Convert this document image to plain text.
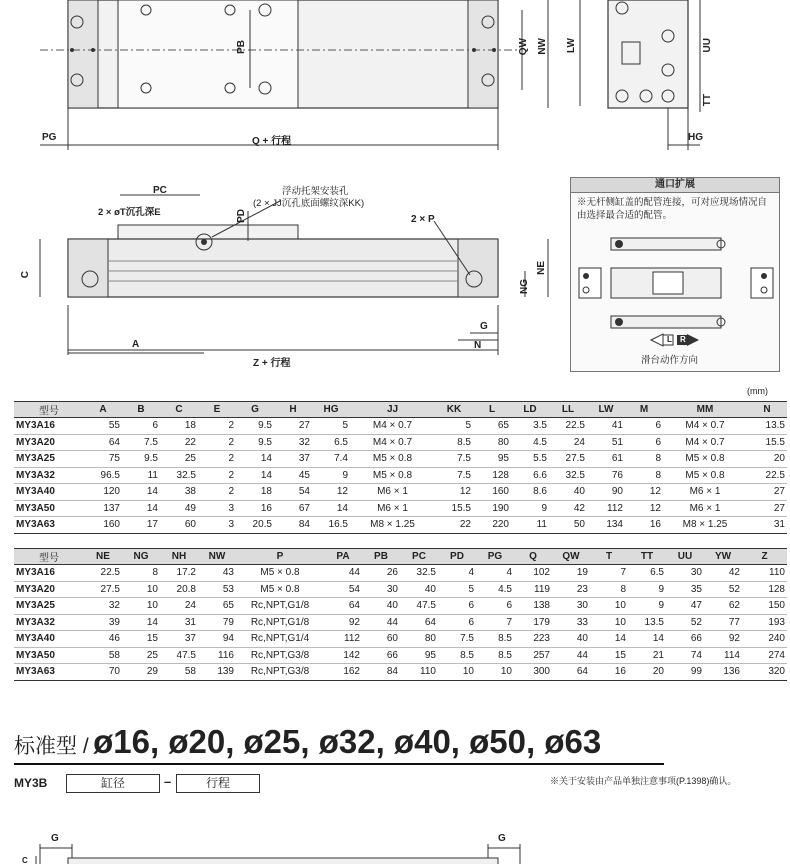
PG	Q + 行程
PB	QW NW LW	UU
TT
HG
PC
2 × øT沉孔深E
浮动托架安装孔
(2 × JJ沉孔底面螺纹深KK)
2 × P
PD
C	NE
NG
G
N
A
Z + 行程
通口扩展
※无杆侧缸盖的配管连接，可对应现场情况自由选择最合适的配管。
L R
滑台动作方向
(mm)
型号	A	B	C	E	G	H	HG	JJ	KK	L	LD	LL	LW	M	MM	N
MY3A16	55	6	18	2	9.5	27	5	M4 × 0.7	5	65	3.5	22.5	41	6	M4 × 0.7	13.5
MY3A20	64	7.5	22	2	9.5	32	6.5	M4 × 0.7	8.5	80	4.5	24	51	6	M4 × 0.7	15.5
MY3A25	75	9.5	25	2	14	37	7.4	M5 × 0.8	7.5	95	5.5	27.5	61	8	M5 × 0.8	20
MY3A32	96.5	11	32.5	2	14	45	9	M5 × 0.8	7.5	128	6.6	32.5	76	8	M5 × 0.8	22.5
MY3A40	120	14	38	2	18	54	12	M6 × 1	12	160	8.6	40	90	12	M6 × 1	27
MY3A50	137	14	49	3	16	67	14	M6 × 1	15.5	190	9	42	112	12	M6 × 1	27
MY3A63	160	17	60	3	20.5	84	16.5	M8 × 1.25	22	220	11	50	134	16	M8 × 1.25	31
型号	NE	NG	NH	NW	P	PA	PB	PC	PD	PG	Q	QW	T	TT	UU	YW	Z
MY3A16	22.5	8	17.2	43	M5 × 0.8	44	26	32.5	4	4	102	19	7	6.5	30	42	110
MY3A20	27.5	10	20.8	53	M5 × 0.8	54	30	40	5	4.5	119	23	8	9	35	52	128
MY3A25	32	10	24	65	Rc,NPT,G1/8	64	40	47.5	6	6	138	30	10	9	47	62	150
MY3A32	39	14	31	79	Rc,NPT,G1/8	92	44	64	6	7	179	33	10	13.5	52	77	193
MY3A40	46	15	37	94	Rc,NPT,G1/4	112	60	80	7.5	8.5	223	40	14	14	66	92	240
MY3A50	58	25	47.5	116	Rc,NPT,G3/8	142	66	95	8.5	8.5	257	44	15	21	74	114	274
MY3A63	70	29	58	139	Rc,NPT,G3/8	162	84	110	10	10	300	64	16	20	99	136	320
标准型 / ø16, ø20, ø25, ø32, ø40, ø50, ø63
MY3B	缸径	–	行程	※关于安装由产品单独注意事项(P.1398)确认。
G	G
C
